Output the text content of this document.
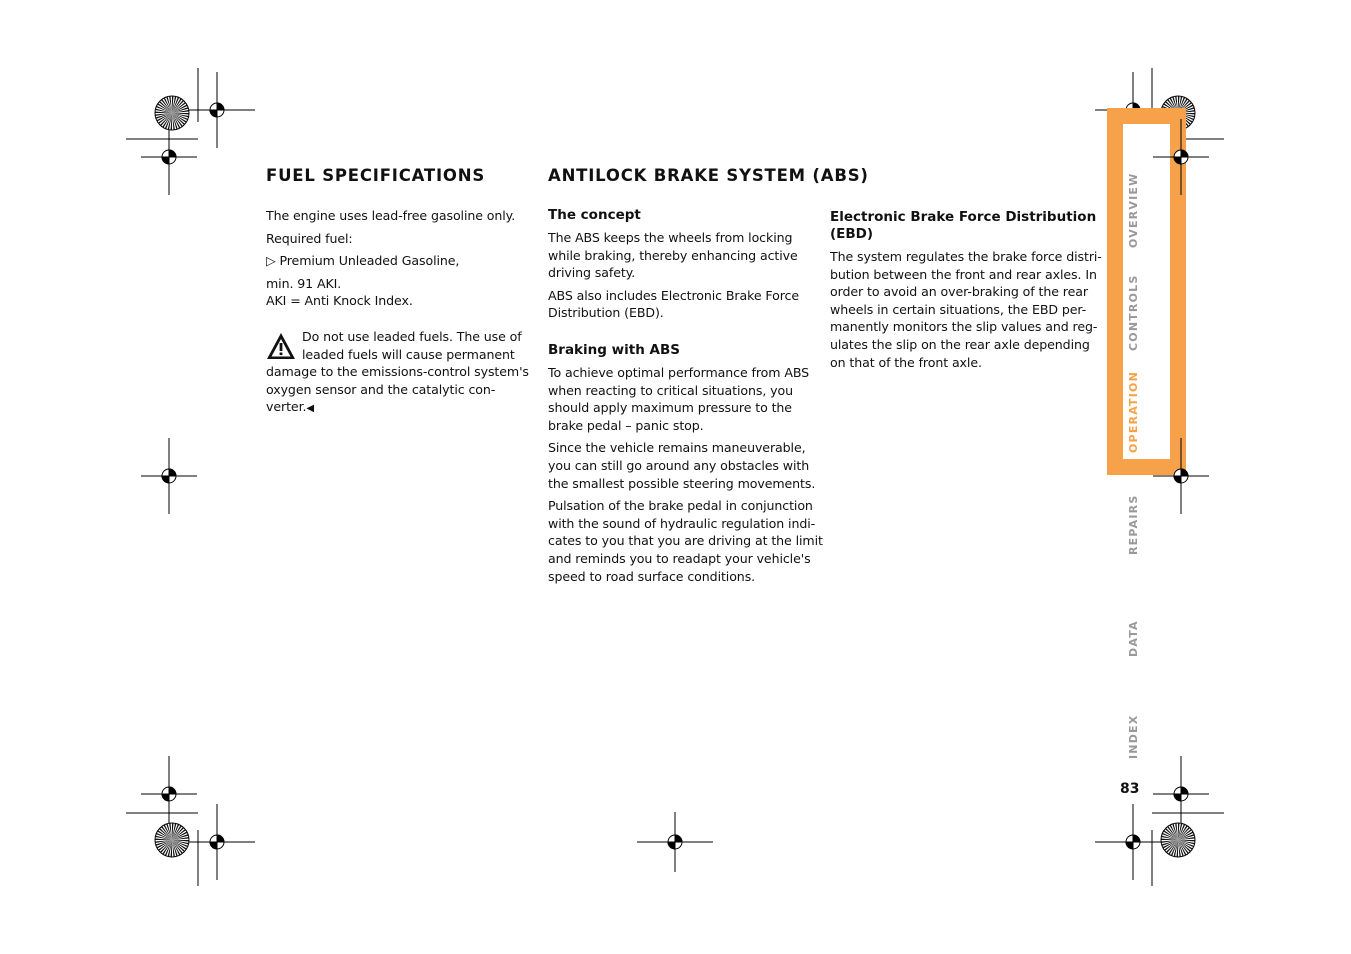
OVERVIEW
CONTROLS
OPERATION
REPAIRS
DATA
INDEX
83
FUEL SPECIFICATIONS

The engine uses lead-free gasoline only.

Required fuel:

▷ Premium Unleaded Gasoline,

min. 91 AKI.

AKI = Anti Knock Index.

Do not use leaded fuels. The use of

leaded fuels will cause permanent

damage to the emissions-control system's

oxygen sensor and the catalytic con-

verter.◀

ANTILOCK BRAKE SYSTEM (ABS)
The concept

The ABS keeps the wheels from locking

while braking, thereby enhancing active

driving safety.

ABS also includes Electronic Brake Force

Distribution (EBD).

Braking with ABS

To achieve optimal performance from ABS

when reacting to critical situations, you

should apply maximum pressure to the

brake pedal – panic stop.

Since the vehicle remains maneuverable,

you can still go around any obstacles with

the smallest possible steering movements.

Pulsation of the brake pedal in conjunction

with the sound of hydraulic regulation indi-

cates to you that you are driving at the limit

and reminds you to readapt your vehicle's

speed to road surface conditions.

Electronic Brake Force Distribution
(EBD)

The system regulates the brake force distri-

bution between the front and rear axles. In

order to avoid an over-braking of the rear

wheels in certain situations, the EBD per-

manently monitors the slip values and reg-

ulates the slip on the rear axle depending

on that of the front axle.
